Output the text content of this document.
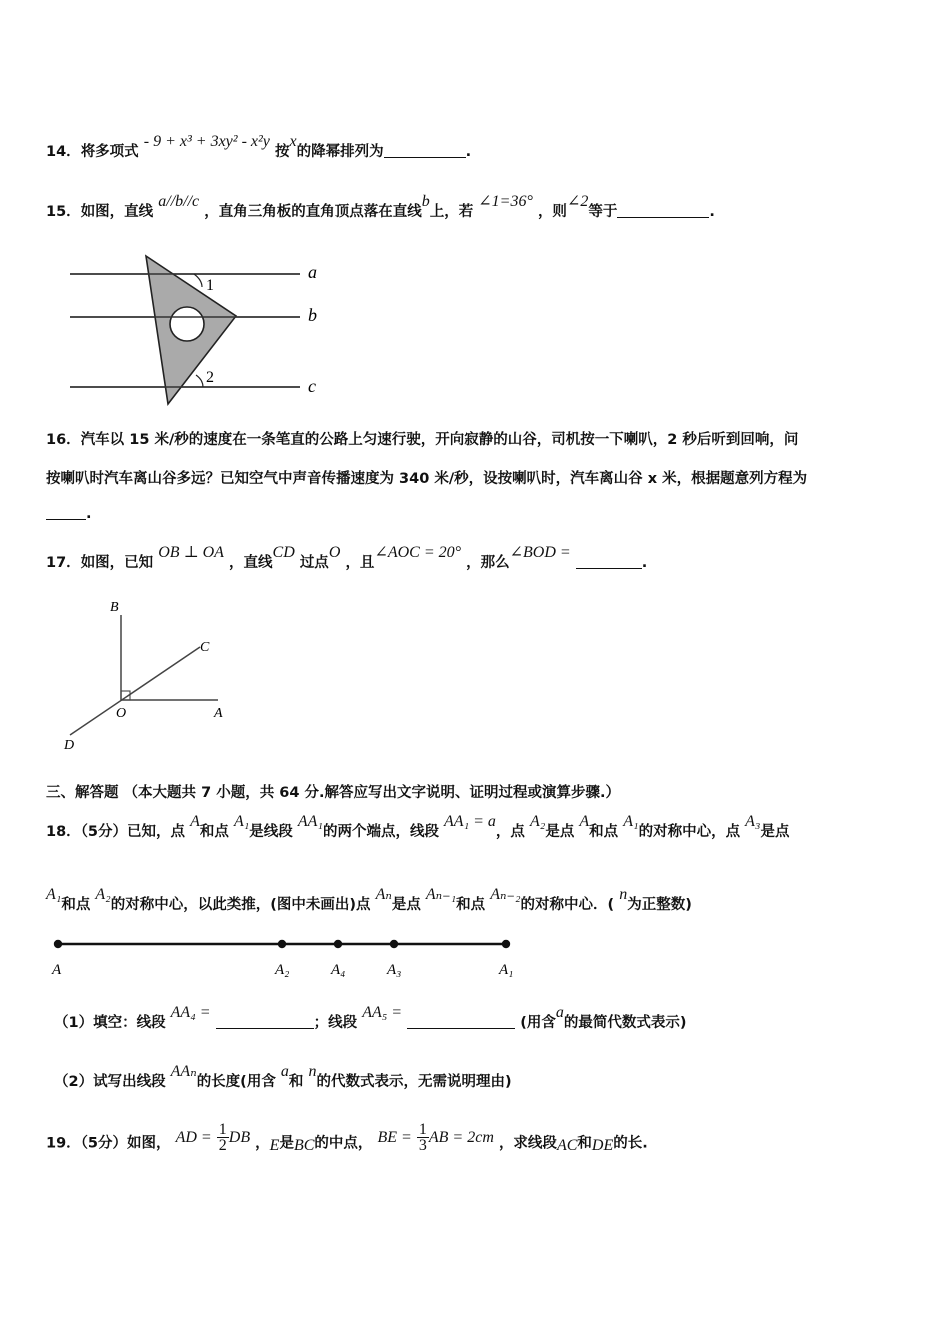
14．将多项式 - 9 + x³ + 3xy² - x²y 按x的降幂排列为	.
15．如图，直线 a//b//c ，直角三角板的直角顶点落在直线b上，若 ∠1=36° ，则∠2等于	.
1
2
a
b
c
16．汽车以 15 米/秒的速度在一条笔直的公路上匀速行驶，开向寂静的山谷，司机按一下喇叭，2 秒后听到回响，问
按喇叭时汽车离山谷多远？已知空气中声音传播速度为 340 米/秒，设按喇叭时，汽车离山谷 x 米，根据题意列方程为
.
17．如图，已知 OB ⊥ OA ，直线CD 过点O ，且∠AOC = 20° ，那么∠BOD = .
B
C
O	A
D
三、解答题 （本大题共 7 小题，共 64 分.解答应写出文字说明、证明过程或演算步骤.）
18．（5分）已知，点 A和点 A₁是线段 AA₁的两个端点，线段 AA₁ = a，点 A₂是点 A和点 A₁的对称中心，点 A₃是点
A₁和点 A₂的对称中心，以此类推，(图中未画出)点 Aₙ是点 Aₙ₋₁和点 Aₙ₋₂的对称中心．( n为正整数)
A	A₂	A₄	A₃	A₁
（1）填空：线段 AA₄ = ；线段 AA₅ =  (用含a的最简代数式表示)
（2）试写出线段 AAₙ的长度(用含 a和 n的代数式表示，无需说明理由)
19．（5分）如图， AD = $\frac{1}{2}$ DB ，E是BC的中点， BE = $\frac{1}{3}$ AB = 2cm ，求线段AC和DE的长.
